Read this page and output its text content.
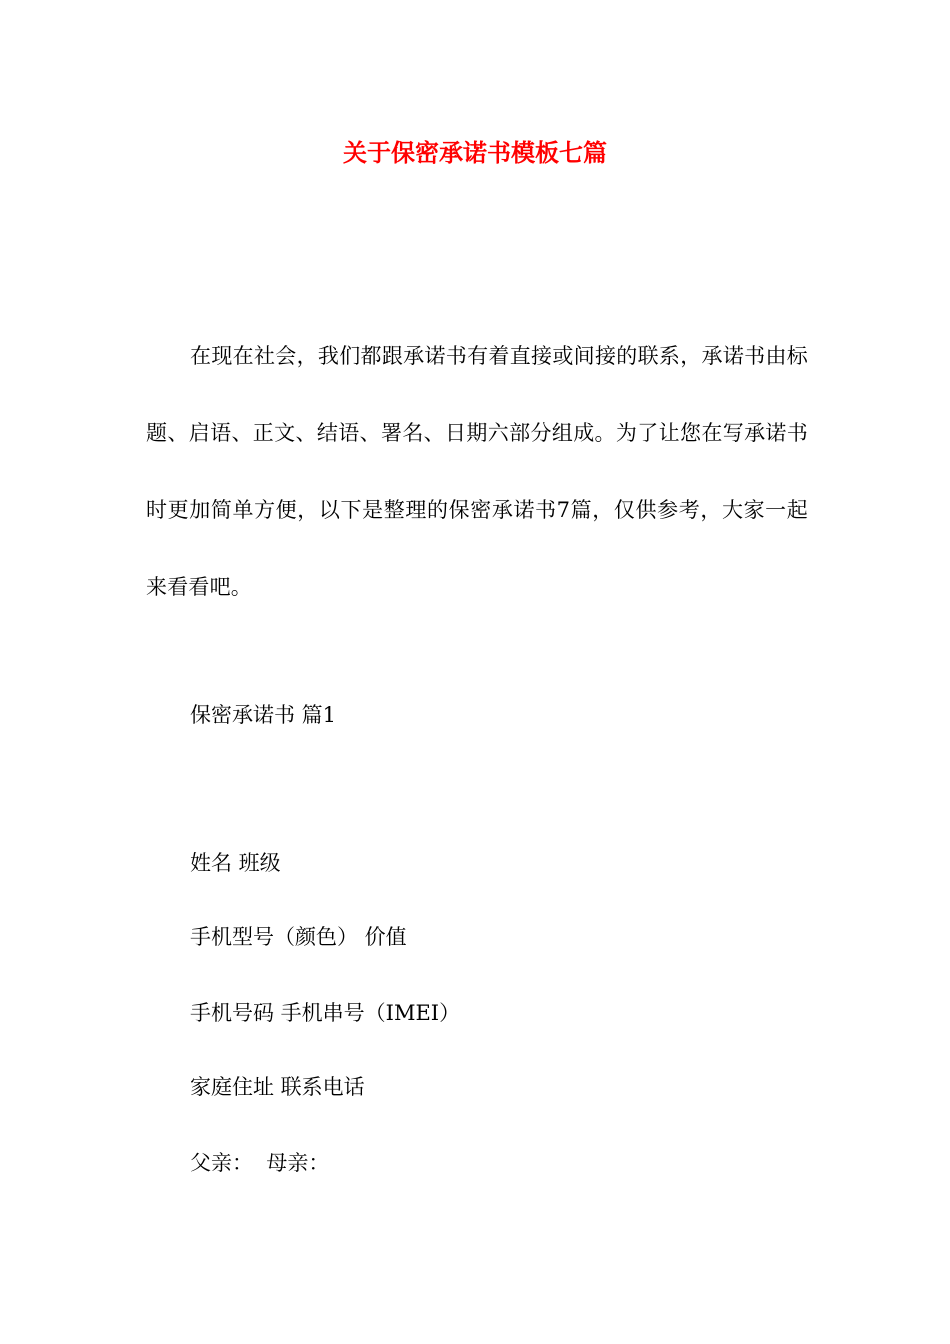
关于保密承诺书模板七篇
在现在社会，我们都跟承诺书有着直接或间接的联系，承诺书由标题、启语、正文、结语、署名、日期六部分组成。为了让您在写承诺书时更加简单方便，以下是整理的保密承诺书7篇，仅供参考，大家一起来看看吧。
保密承诺书 篇1
姓名 班级
手机型号（颜色） 价值
手机号码 手机串号（IMEI）
家庭住址 联系电话
父亲：  母亲：
